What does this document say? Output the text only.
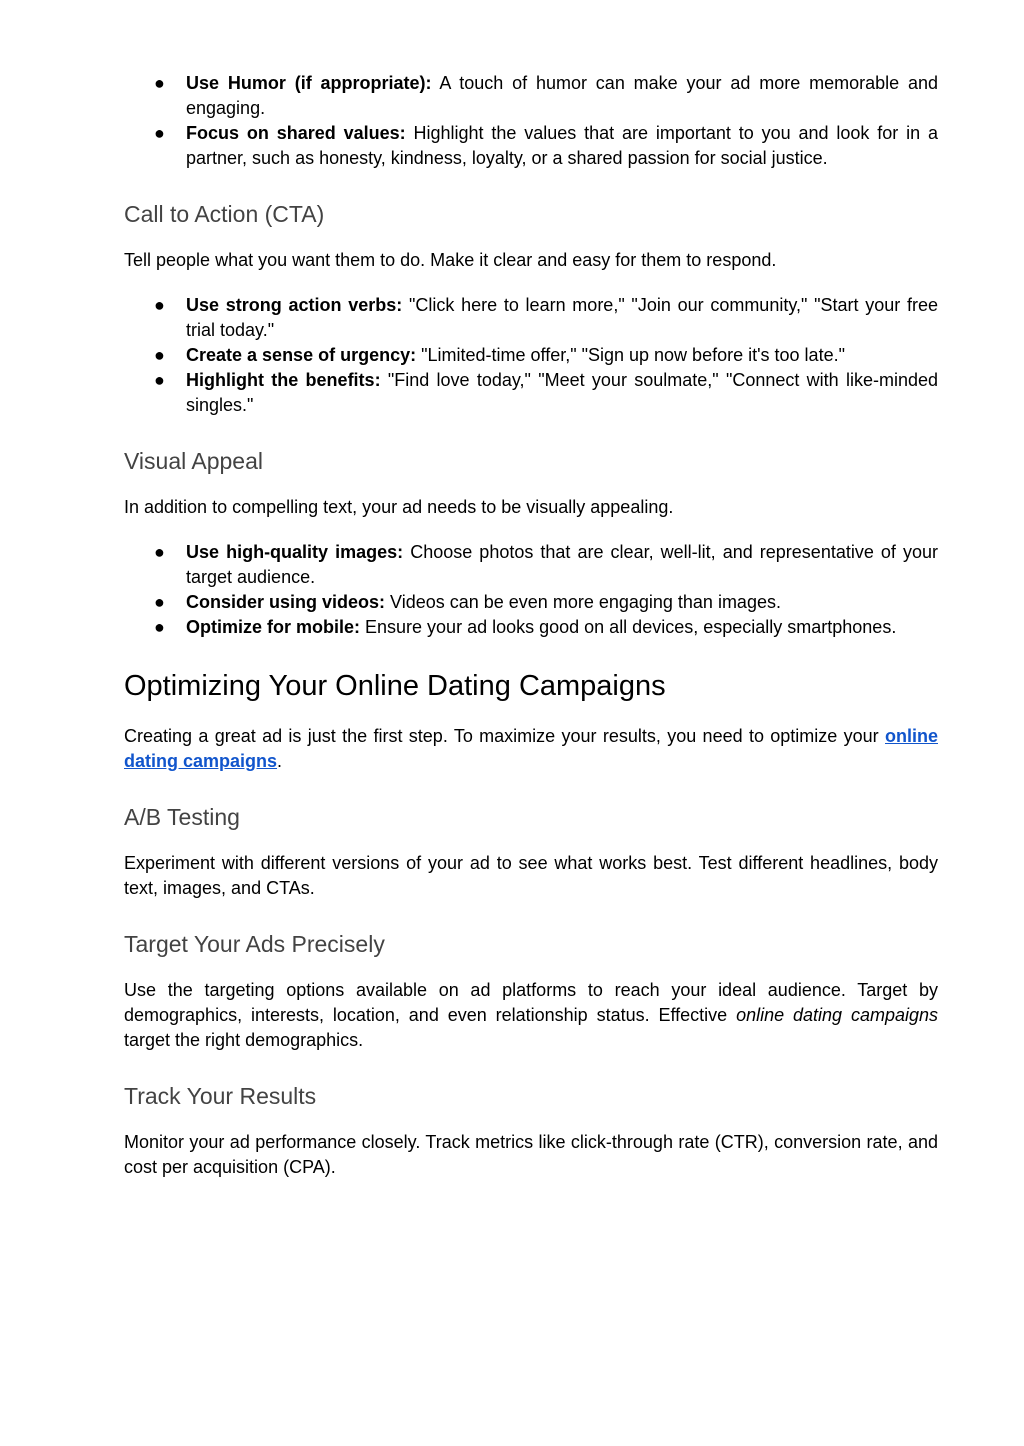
● Use Humor (if appropriate): A touch of humor can make your ad more memorable and engaging.
● Focus on shared values: Highlight the values that are important to you and look for in a partner, such as honesty, kindness, loyalty, or a shared passion for social justice.
Call to Action (CTA)

Tell people what you want them to do. Make it clear and easy for them to respond.

● Use strong action verbs: "Click here to learn more," "Join our community," "Start your free trial today."
● Create a sense of urgency: "Limited-time offer," "Sign up now before it's too late."
● Highlight the benefits: "Find love today," "Meet your soulmate," "Connect with like-minded singles."
Visual Appeal

In addition to compelling text, your ad needs to be visually appealing.

● Use high-quality images: Choose photos that are clear, well-lit, and representative of your target audience.
● Consider using videos: Videos can be even more engaging than images.
● Optimize for mobile: Ensure your ad looks good on all devices, especially smartphones.
Optimizing Your Online Dating Campaigns

Creating a great ad is just the first step. To maximize your results, you need to optimize your online dating campaigns.

A/B Testing

Experiment with different versions of your ad to see what works best. Test different headlines, body text, images, and CTAs.

Target Your Ads Precisely

Use the targeting options available on ad platforms to reach your ideal audience. Target by demographics, interests, location, and even relationship status. Effective online dating campaigns target the right demographics.

Track Your Results

Monitor your ad performance closely. Track metrics like click-through rate (CTR), conversion rate, and cost per acquisition (CPA).
